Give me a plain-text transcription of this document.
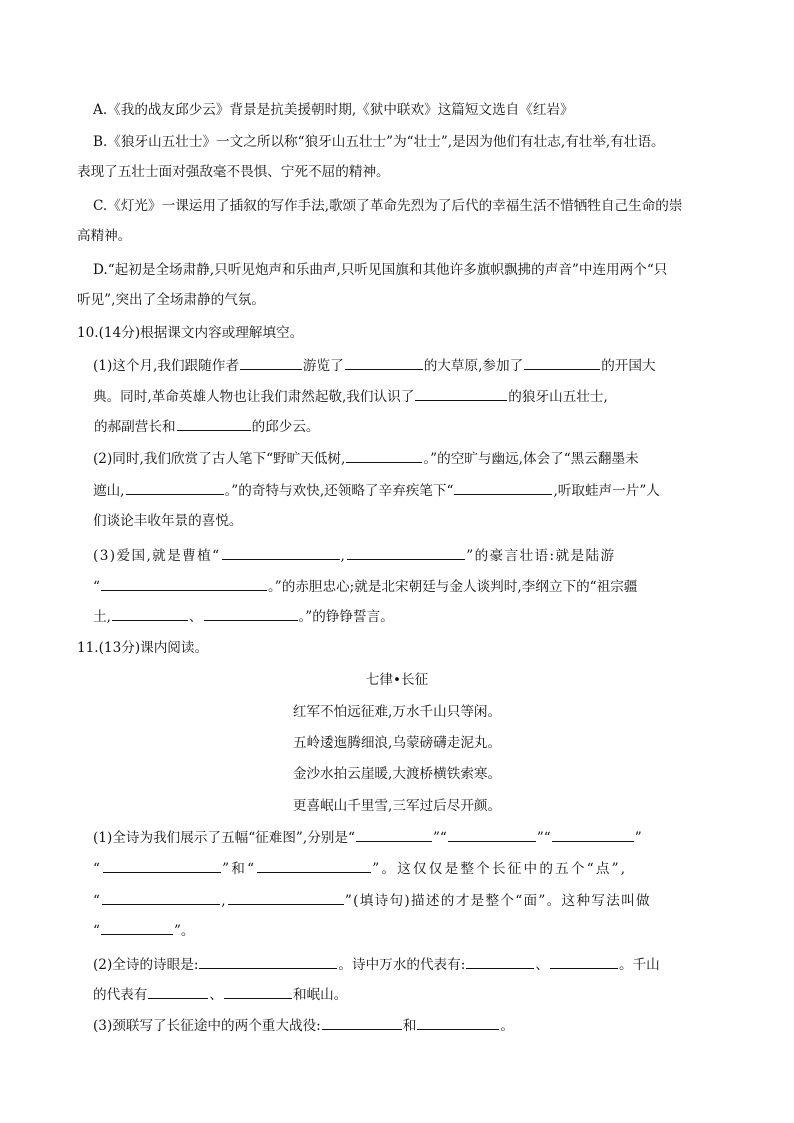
A.《我的战友邱少云》背景是抗美援朝时期,《狱中联欢》这篇短文选自《红岩》
B.《狼牙山五壮士》一文之所以称“狼牙山五壮士”为“壮士”,是因为他们有壮志,有壮举,有壮语。
表现了五壮士面对强敌毫不畏惧、宁死不屈的精神。
C.《灯光》一课运用了插叙的写作手法,歌颂了革命先烈为了后代的幸福生活不惜牺牲自己生命的崇
高精神。
D.“起初是全场肃静,只听见炮声和乐曲声,只听见国旗和其他许多旗帜飘拂的声音”中连用两个“只
听见”,突出了全场肃静的气氛。
10.(14分)根据课文内容或理解填空。
(1)这个月,我们跟随作者	游览了	的大草原,参加了	的开国大
典。同时,革命英雄人物也让我们肃然起敬,我们认识了	的狼牙山五壮士,
的郝副营长和	的邱少云。
(2)同时,我们欣赏了古人笔下“野旷天低树,	。”的空旷与幽远,体会了“黑云翻墨未
遮山,	。”的奇特与欢快,还领略了辛弃疾笔下“	,听取蛙声一片”人
们谈论丰收年景的喜悦。
(3)爱国,就是曹植“	,	”的豪言壮语:就是陆游
“	。”的赤胆忠心;就是北宋朝廷与金人谈判时,李纲立下的“祖宗疆
土,	、	。”的铮铮誓言。
11.(13分)课内阅读。
七律•长征
红军不怕远征难,万水千山只等闲。
五岭逶迤腾细浪,乌蒙磅礴走泥丸。
金沙水拍云崖暖,大渡桥横铁索寒。
更喜岷山千里雪,三军过后尽开颜。
(1)全诗为我们展示了五幅“征难图”,分别是“	”“	”“	”
“	”和“	”。这仅仅是整个长征中的五个“点”,
“	,	”(填诗句)描述的才是整个“面”。这种写法叫做
“	”。
(2)全诗的诗眼是:	。诗中万水的代表有:	、	。千山
的代表有	、	和岷山。
(3)颈联写了长征途中的两个重大战役:	和	。
